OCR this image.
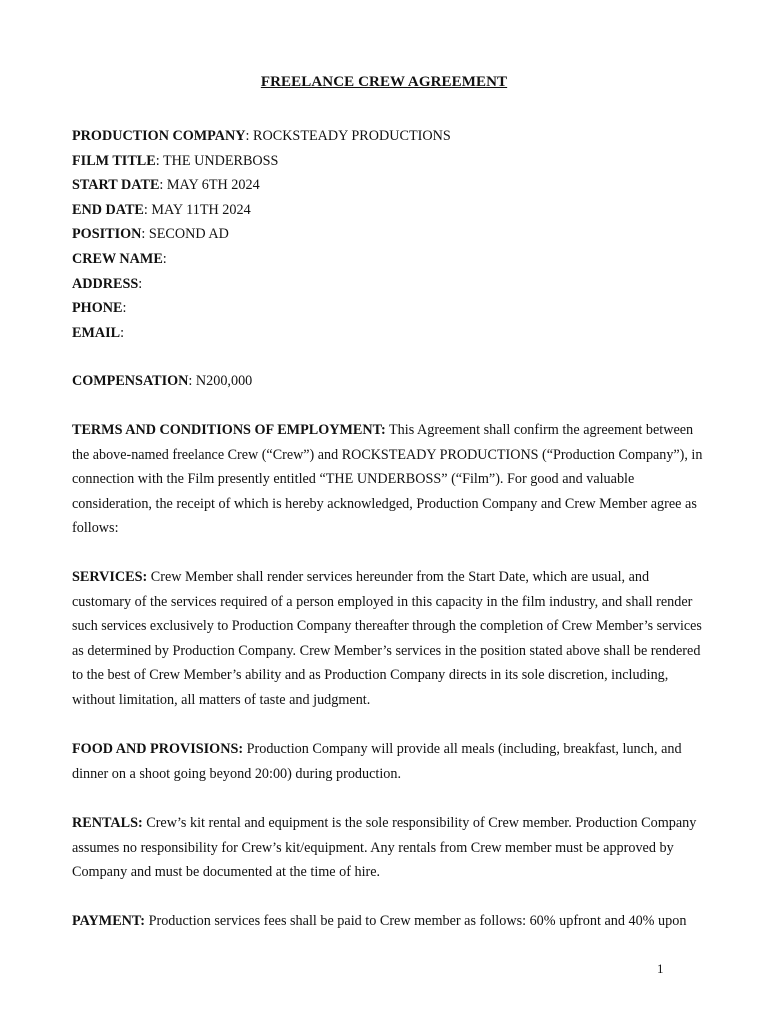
FREELANCE CREW AGREEMENT
PRODUCTION COMPANY: ROCKSTEADY PRODUCTIONS
FILM TITLE: THE UNDERBOSS
START DATE: MAY 6TH 2024
END DATE: MAY 11TH 2024
POSITION: SECOND AD
CREW NAME:
ADDRESS:
PHONE:
EMAIL:
COMPENSATION: N200,000

TERMS AND CONDITIONS OF EMPLOYMENT: This Agreement shall confirm the agreement between
the above-named freelance Crew (“Crew”) and ROCKSTEADY PRODUCTIONS (“Production Company”), in
connection with the Film presently entitled “THE UNDERBOSS” (“Film”). For good and valuable
consideration, the receipt of which is hereby acknowledged, Production Company and Crew Member agree as
follows:

SERVICES: Crew Member shall render services hereunder from the Start Date, which are usual, and
customary of the services required of a person employed in this capacity in the film industry, and shall render
such services exclusively to Production Company thereafter through the completion of Crew Member’s services
as determined by Production Company. Crew Member’s services in the position stated above shall be rendered
to the best of Crew Member’s ability and as Production Company directs in its sole discretion, including,
without limitation, all matters of taste and judgment.

FOOD AND PROVISIONS: Production Company will provide all meals (including, breakfast, lunch, and
dinner on a shoot going beyond 20:00) during production.

RENTALS: Crew’s kit rental and equipment is the sole responsibility of Crew member. Production Company
assumes no responsibility for Crew’s kit/equipment. Any rentals from Crew member must be approved by
Company and must be documented at the time of hire.

PAYMENT: Production services fees shall be paid to Crew member as follows: 60% upfront and 40% upon

1
